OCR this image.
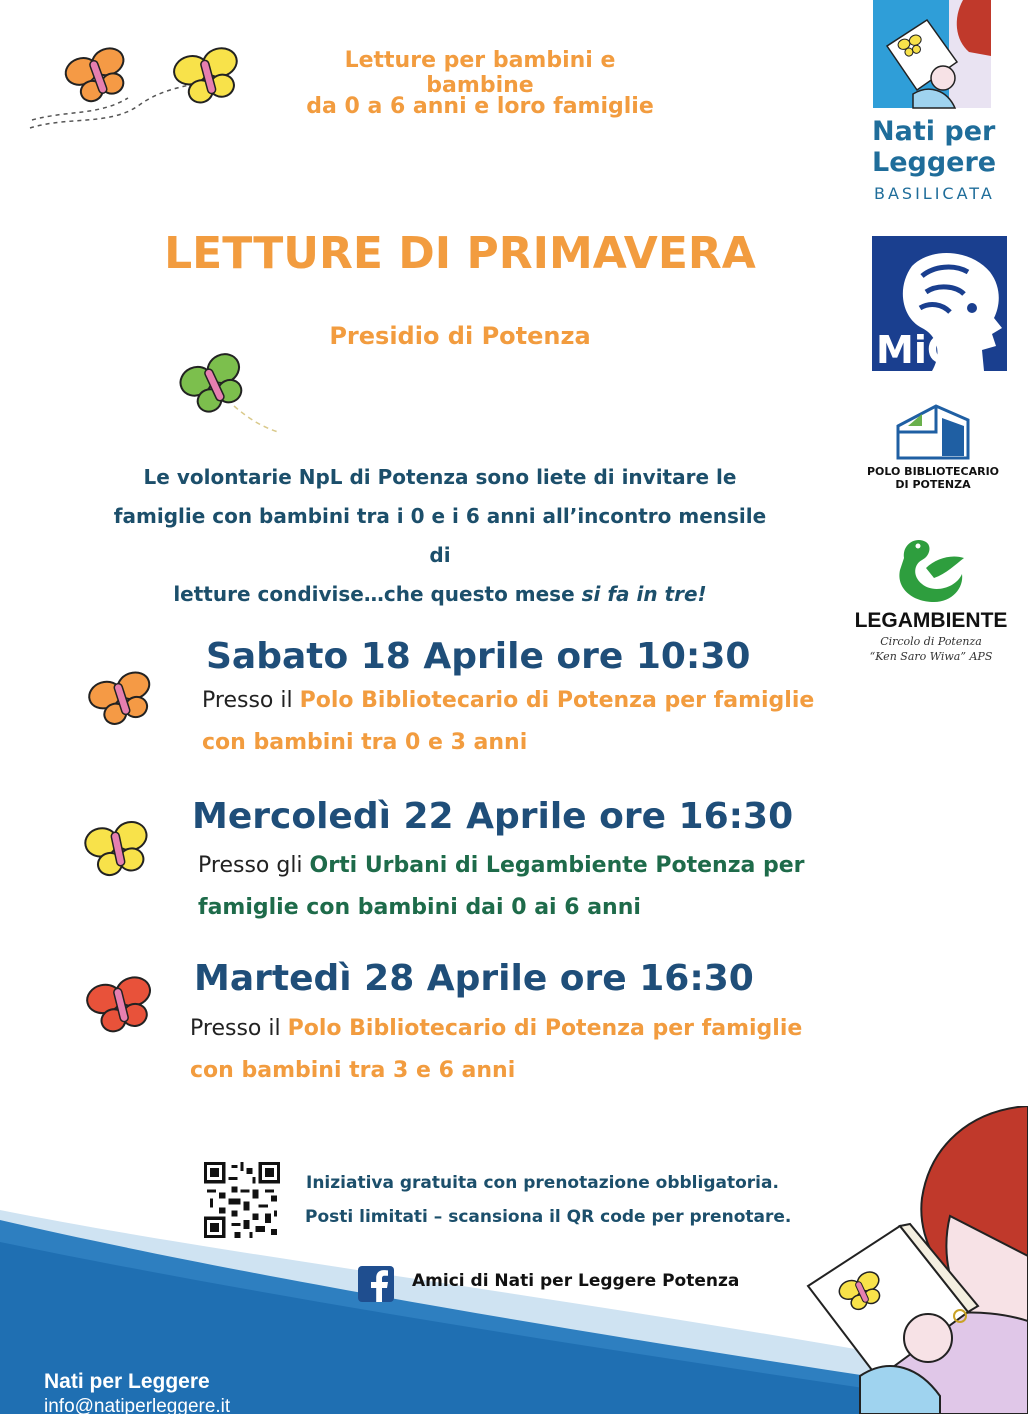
Letture per bambini e bambine
da 0 a 6 anni e loro famiglie
LETTURE DI PRIMAVERA
Presidio di Potenza
Le volontarie NpL di Potenza sono liete di invitare le
famiglie con bambini tra i 0 e i 6 anni all’incontro mensile di
letture condivise…che questo mese si fa in tre!
Sabato 18 Aprile ore 10:30
Presso il Polo Bibliotecario di Potenza per famiglie
con bambini tra 0 e 3 anni
Mercoledì 22 Aprile ore 16:30
Presso gli Orti Urbani di Legambiente Potenza per
famiglie con bambini dai 0 ai 6 anni
Martedì 28 Aprile ore 16:30
Presso il Polo Bibliotecario di Potenza per famiglie
con bambini tra 3 e 6 anni
Iniziativa gratuita con prenotazione obbligatoria.
Posti limitati – scansiona il QR code per prenotare.
Amici di Nati per Leggere Potenza
Nati per Leggere
info@natiperleggere.it
Nati per
Leggere
BASILICATA
MiC
POLO BIBLIOTECARIO
DI POTENZA
LEGAMBIENTE
Circolo di Potenza
“Ken Saro Wiwa” APS
